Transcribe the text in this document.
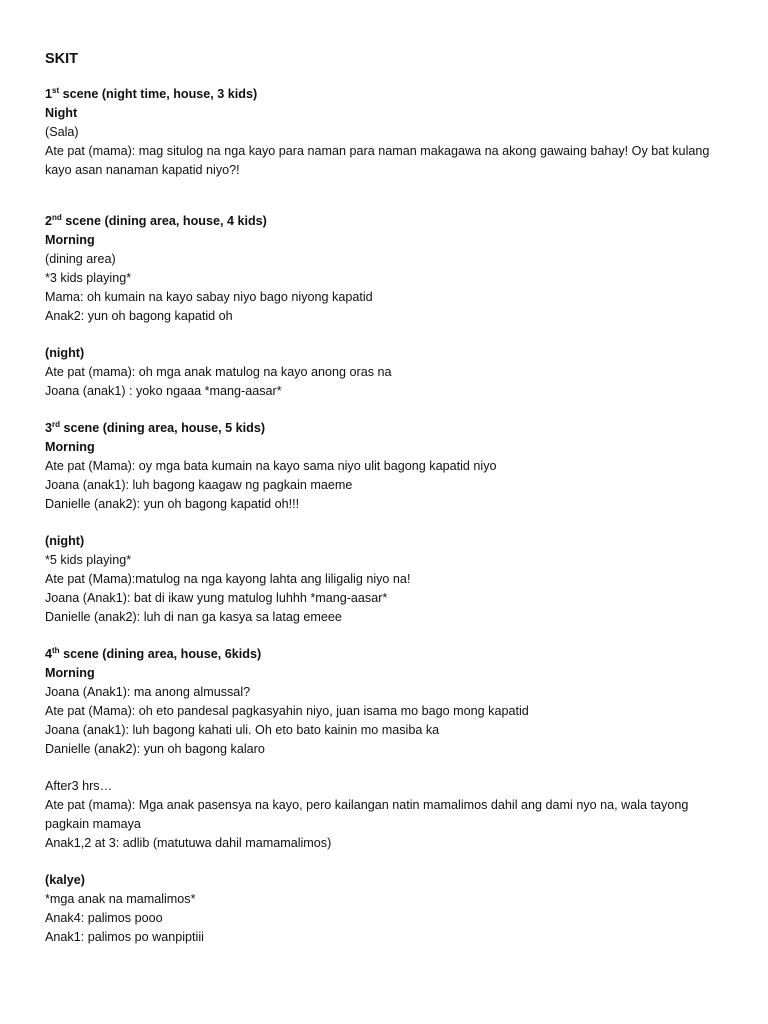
SKIT
1st scene (night time, house, 3 kids)
Night
(Sala)
Ate pat (mama): mag situlog na nga kayo para naman para naman makagawa na akong gawaing bahay! Oy bat kulang kayo asan nanaman kapatid niyo?!
2nd scene (dining area, house, 4 kids)
Morning
(dining area)
*3 kids playing*
Mama: oh kumain na kayo sabay niyo bago niyong kapatid
Anak2: yun oh bagong kapatid oh
(night)
Ate pat (mama): oh mga anak matulog na kayo anong oras na
Joana (anak1) : yoko ngaaa *mang-aasar*
3rd scene (dining area, house, 5 kids)
Morning
Ate pat (Mama): oy mga bata kumain na kayo sama niyo ulit bagong kapatid niyo
Joana (anak1): luh bagong kaagaw ng pagkain maeme
Danielle (anak2): yun oh bagong kapatid oh!!!
(night)
*5 kids playing*
Ate pat (Mama):matulog na nga kayong lahta ang liligalig niyo na!
Joana (Anak1): bat di ikaw yung matulog luhhh *mang-aasar*
Danielle (anak2): luh di nan ga kasya sa latag emeee
4th scene (dining area, house, 6kids)
Morning
Joana (Anak1): ma anong almussal?
Ate pat (Mama): oh eto pandesal pagkasyahin niyo, juan isama mo bago mong kapatid
Joana (anak1): luh bagong kahati uli. Oh eto bato kainin mo masiba ka
Danielle (anak2): yun oh bagong kalaro
After3 hrs…
Ate pat (mama): Mga anak pasensya na kayo, pero kailangan natin mamalimos dahil ang dami nyo na, wala tayong pagkain mamaya
Anak1,2 at 3: adlib (matutuwa dahil mamamalimos)
(kalye)
*mga anak na mamalimos*
Anak4: palimos pooo
Anak1: palimos po wanpiptiii
